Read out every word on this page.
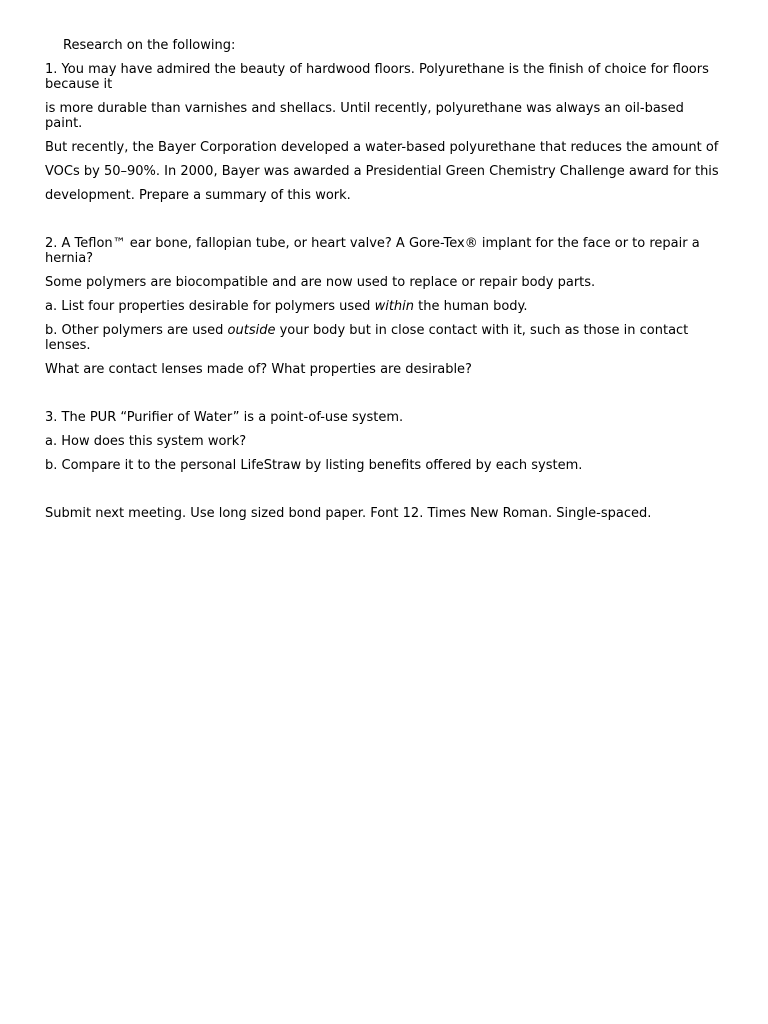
Research on the following:

1. You may have admired the beauty of hardwood floors. Polyurethane is the finish of choice for floors because it

is more durable than varnishes and shellacs. Until recently, polyurethane was always an oil-based paint.

But recently, the Bayer Corporation developed a water-based polyurethane that reduces the amount of

VOCs by 50–90%. In 2000, Bayer was awarded a Presidential Green Chemistry Challenge award for this

development. Prepare a summary of this work.

2. A Teflon™ ear bone, fallopian tube, or heart valve? A Gore-Tex® implant for the face or to repair a hernia?

Some polymers are biocompatible and are now used to replace or repair body parts.

a. List four properties desirable for polymers used within the human body.

b. Other polymers are used outside your body but in close contact with it, such as those in contact lenses.

What are contact lenses made of? What properties are desirable?

3. The PUR “Purifier of Water” is a point-of-use system.

a. How does this system work?

b. Compare it to the personal LifeStraw by listing benefits offered by each system.

Submit next meeting. Use long sized bond paper. Font 12. Times New Roman. Single-spaced.
